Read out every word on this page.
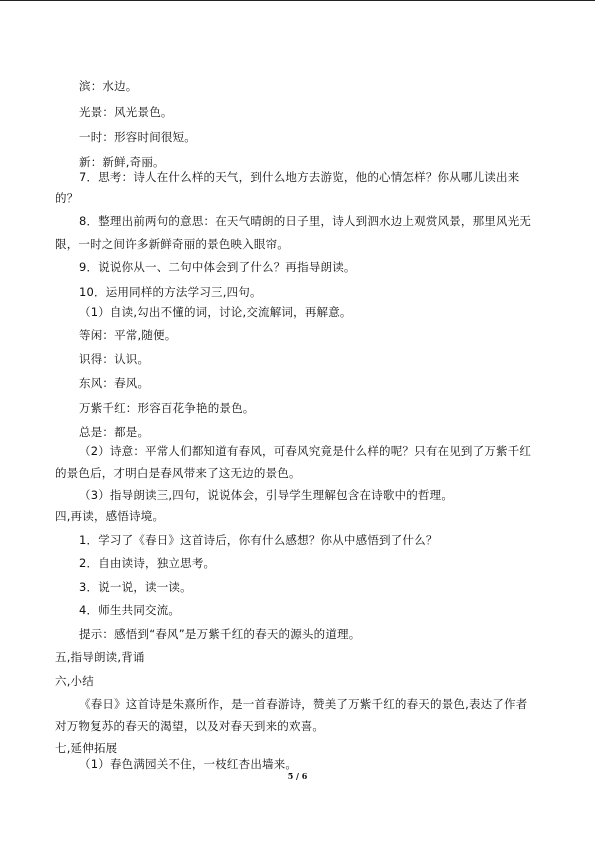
滨：水边。
光景：风光景色。
一时：形容时间很短。
新：新鲜,奇丽。
7．思考：诗人在什么样的天气，到什么地方去游览，他的心情怎样？你从哪儿读出来
的？
8．整理出前两句的意思：在天气晴朗的日子里，诗人到泗水边上观赏风景，那里风光无
限，一时之间许多新鲜奇丽的景色映入眼帘。
9．说说你从一、二句中体会到了什么？再指导朗读。
10．运用同样的方法学习三,四句。
（1）自读,勾出不懂的词，讨论,交流解词，再解意。
等闲：平常,随便。
识得：认识。
东风：春风。
万紫千红：形容百花争艳的景色。
总是：都是。
（2）诗意：平常人们都知道有春风，可春风究竟是什么样的呢？只有在见到了万紫千红
的景色后，才明白是春风带来了这无边的景色。
（3）指导朗读三,四句，说说体会，引导学生理解包含在诗歌中的哲理。
四,再读，感悟诗境。
1．学习了《春日》这首诗后，你有什么感想？你从中感悟到了什么？
2．自由读诗，独立思考。
3．说一说，读一读。
4．师生共同交流。
提示：感悟到“春风”是万紫千红的春天的源头的道理。
五,指导朗读,背诵
六,小结
《春日》这首诗是朱熹所作，是一首春游诗，赞美了万紫千红的春天的景色,表达了作者
对万物复苏的春天的渴望，以及对春天到来的欢喜。
七,延伸拓展
（1）春色满园关不住，一枝红杏出墙来。
5 / 6
